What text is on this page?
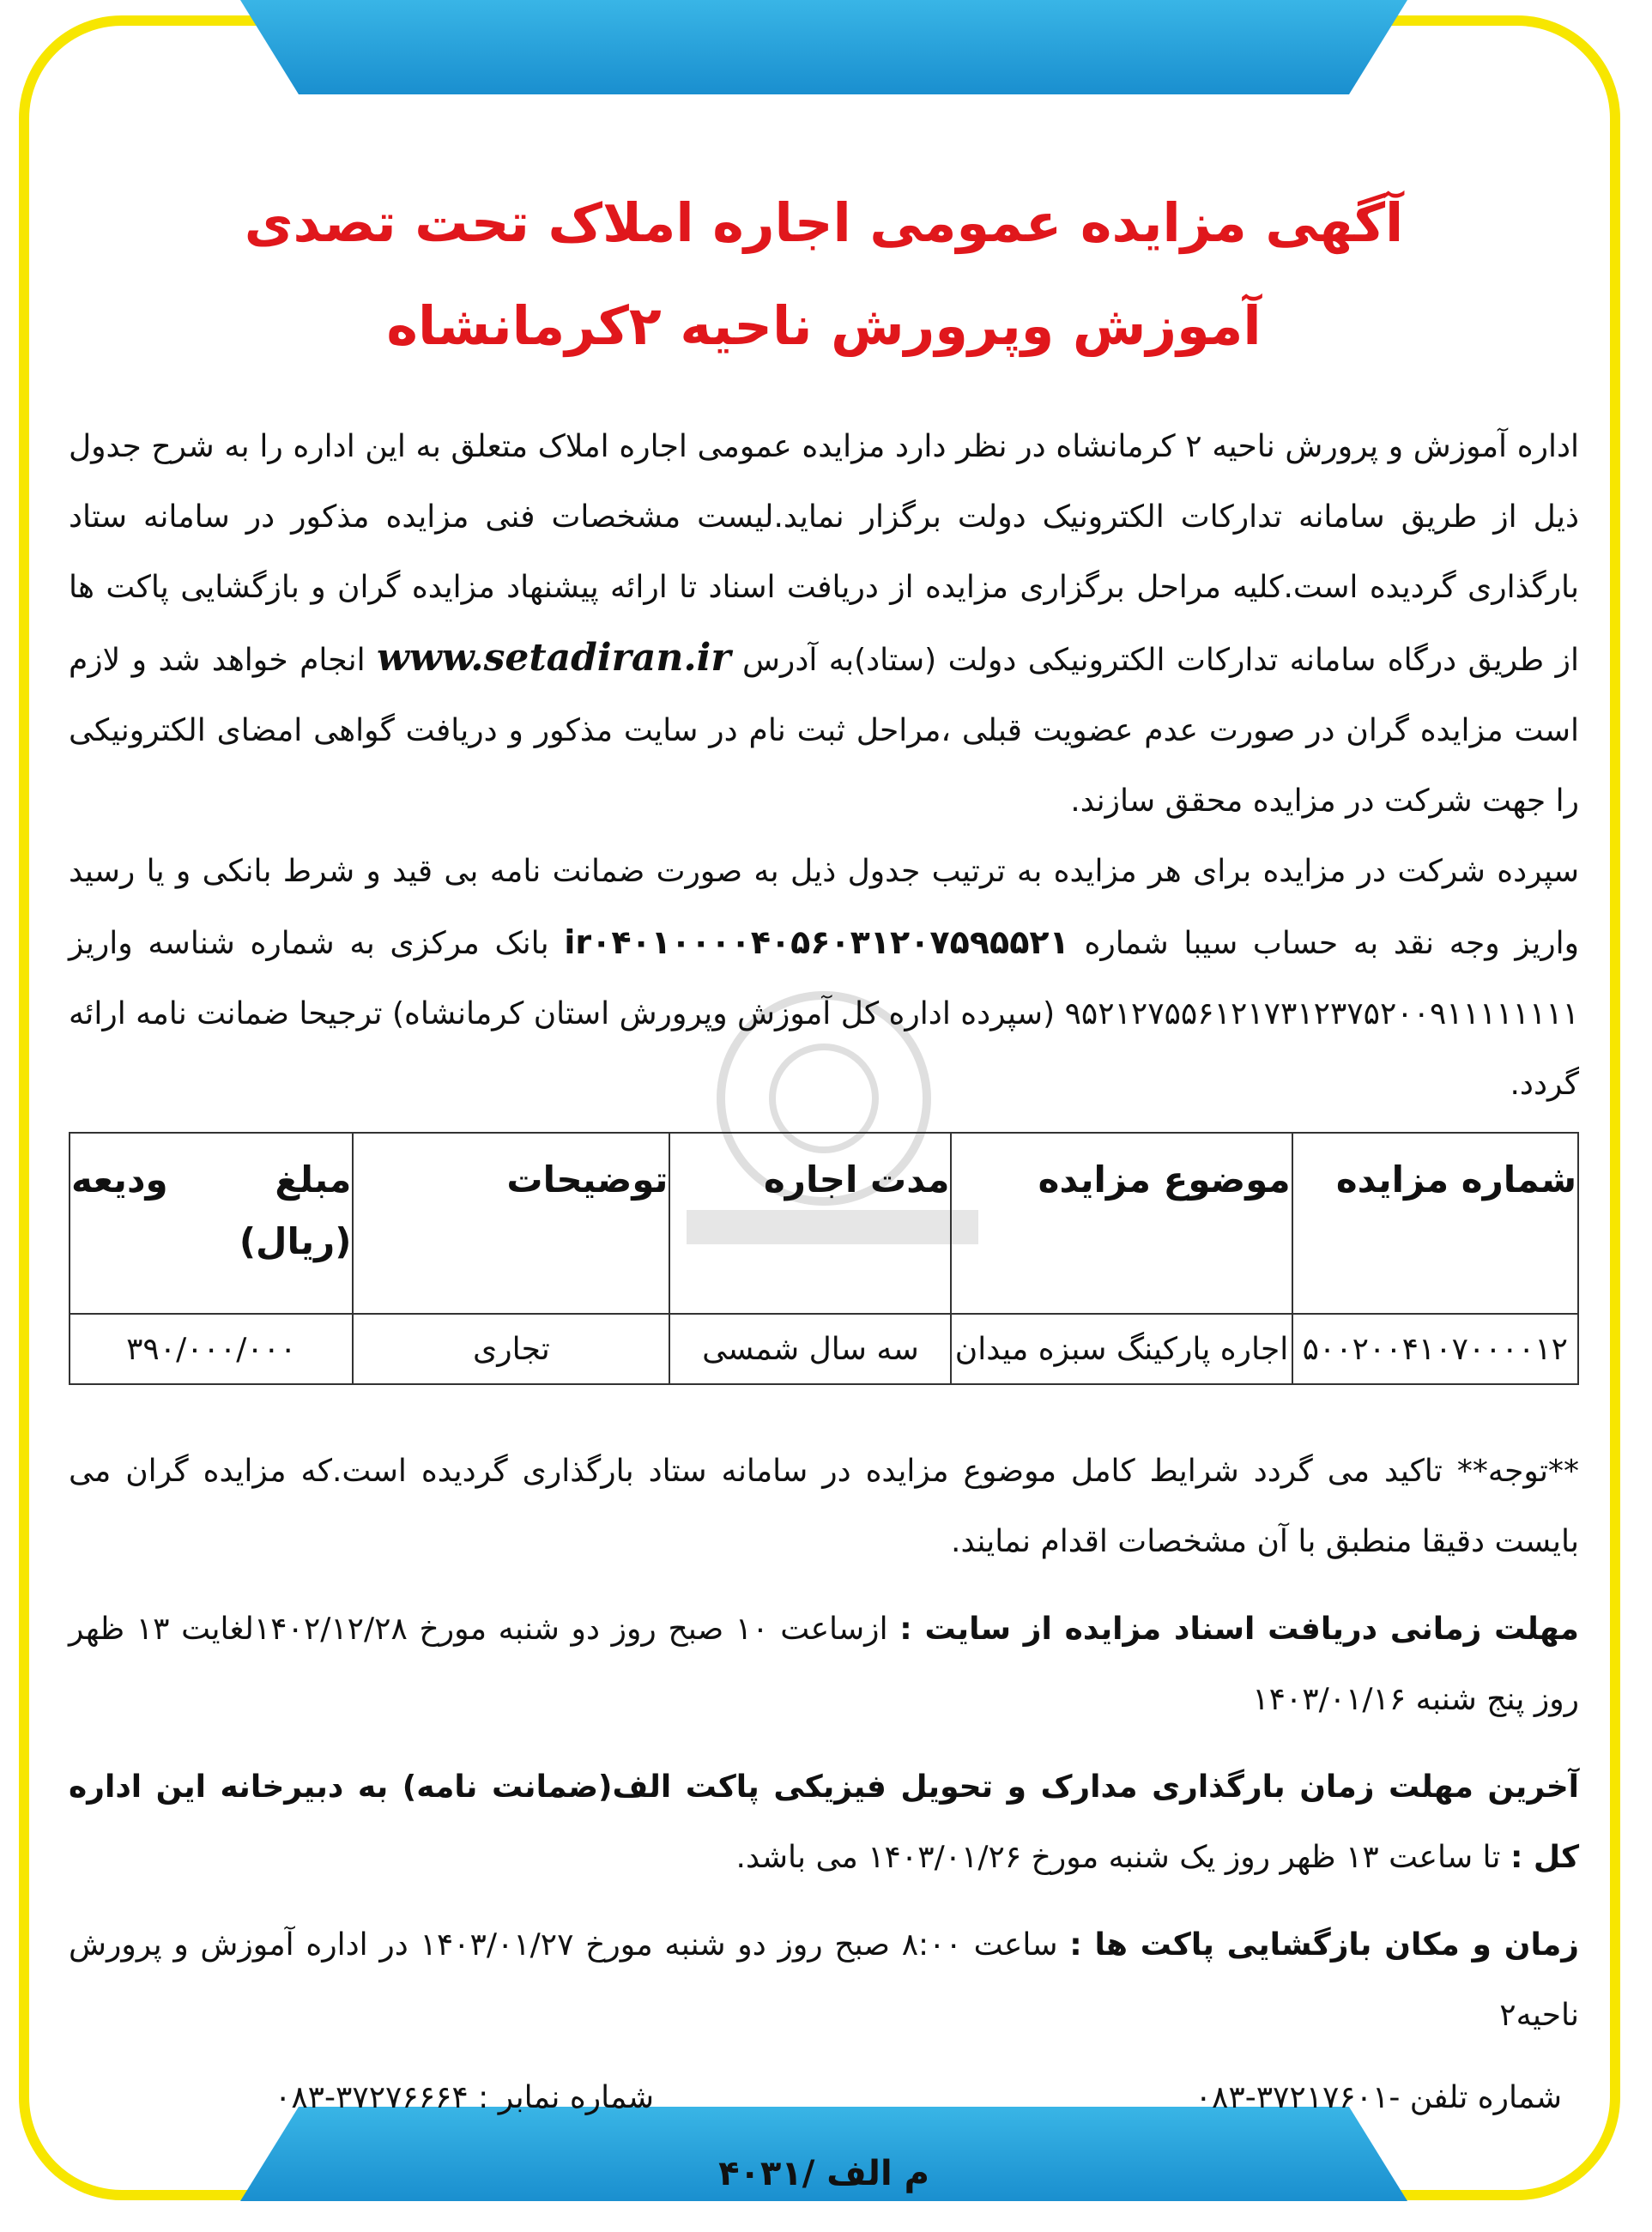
آگهی مزایده عمومی اجاره املاک تحت تصدی
آموزش وپرورش ناحیه ۲کرمانشاه

اداره آموزش و پرورش ناحیه ۲ کرمانشاه در نظر دارد مزایده عمومی اجاره املاک متعلق به این اداره را به شرح جدول ذیل از طریق سامانه تدارکات الکترونیک دولت برگزار نماید.لیست مشخصات فنی مزایده مذکور در سامانه ستاد بارگذاری گردیده است.کلیه مراحل برگزاری مزایده از دریافت اسناد تا ارائه پیشنهاد مزایده گران و بازگشایی پاکت ها از طریق درگاه سامانه تدارکات الکترونیکی دولت (ستاد)به آدرس www.setadiran.ir انجام خواهد شد و لازم است مزایده گران در صورت عدم عضویت قبلی ،مراحل ثبت نام در سایت مذکور و دریافت گواهی امضای الکترونیکی را جهت شرکت در مزایده محقق سازند.

سپرده شرکت در مزایده برای هر مزایده به ترتیب جدول ذیل به صورت ضمانت نامه بی قید و شرط بانکی و یا رسید واریز وجه نقد به حساب سیبا شماره ir۰۴۰۱۰۰۰۰۴۰۵۶۰۳۱۲۰۷۵۹۵۵۲۱ بانک مرکزی به شماره شناسه واریز ۹۵۲۱۲۷۵۵۶۱۲۱۷۳۱۲۳۷۵۲۰۰۹۱۱۱۱۱۱۱۱ (سپرده اداره کل آموزش وپرورش استان کرمانشاه) ترجیحا ضمانت نامه ارائه گردد.

شماره مزایده	موضوع مزایده	مدت اجاره	توضیحات	مبلغ ودیعه (ریال)
۵۰۰۲۰۰۴۱۰۷۰۰۰۰۱۲	اجاره پارکینگ سبزه میدان	سه سال شمسی	تجاری	۳۹۰/۰۰۰/۰۰۰

**توجه** تاکید می گردد شرایط کامل موضوع مزایده در سامانه ستاد بارگذاری گردیده است.که مزایده گران می بایست دقیقا منطبق با آن مشخصات اقدام نمایند.

مهلت زمانی دریافت اسناد مزایده از سایت : ازساعت ۱۰ صبح روز دو شنبه مورخ ۱۴۰۲/۱۲/۲۸لغایت ۱۳ ظهر روز پنج شنبه ۱۴۰۳/۰۱/۱۶

آخرین مهلت زمان بارگذاری مدارک و تحویل فیزیکی پاکت الف(ضمانت نامه) به دبیرخانه این اداره کل : تا ساعت ۱۳ ظهر روز یک شنبه مورخ ۱۴۰۳/۰۱/۲۶ می باشد.

زمان و مکان بازگشایی پاکت ها : ساعت ۸:۰۰ صبح روز دو شنبه مورخ ۱۴۰۳/۰۱/۲۷ در اداره آموزش و پرورش ناحیه۲

شماره تلفن -۳۷۲۱۷۶۰۱-۰۸۳
شماره نمابر : ۳۷۲۷۶۶۶۴-۰۸۳
م الف /۴۰۳۱
